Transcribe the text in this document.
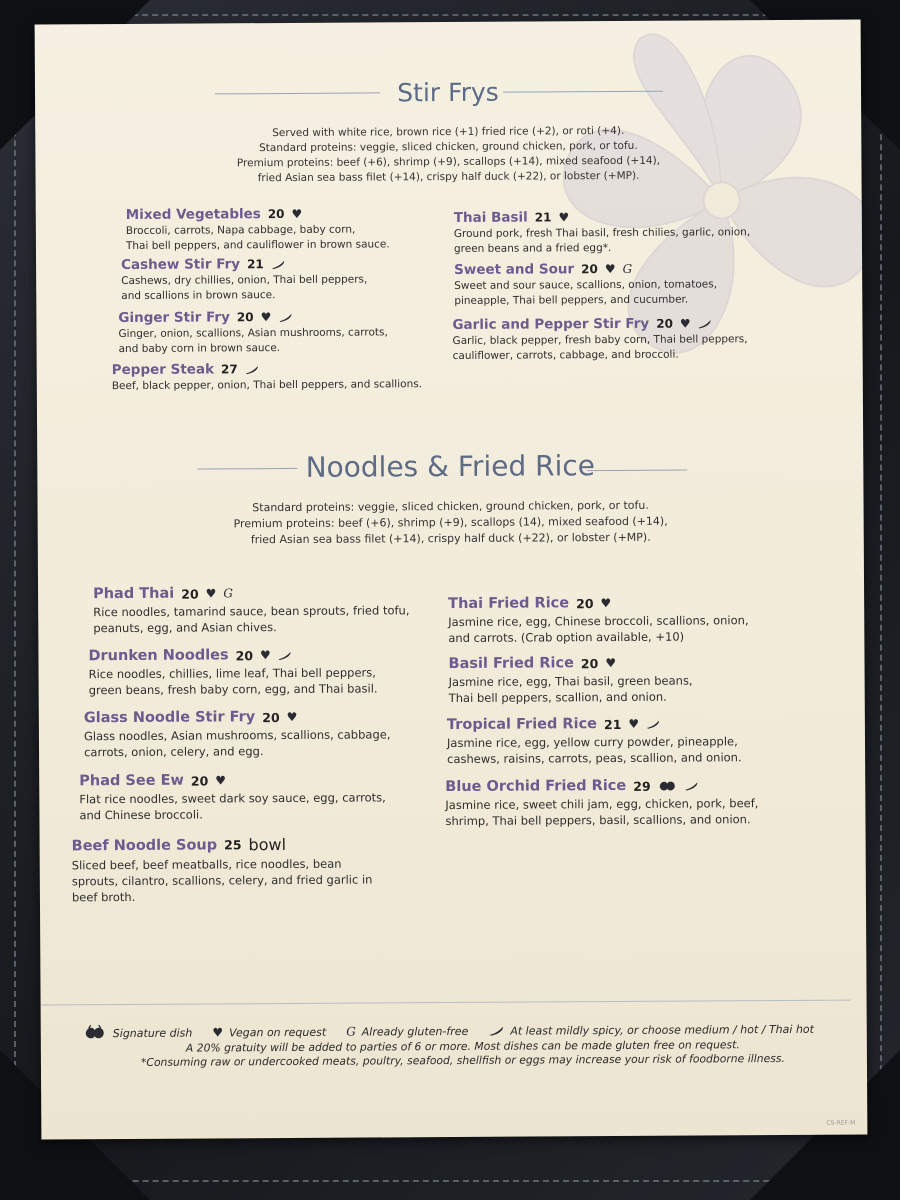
Stir Frys
Served with white rice, brown rice (+1) fried rice (+2), or roti (+4).
Standard proteins: veggie, sliced chicken, ground chicken, pork, or tofu.
Premium proteins: beef (+6), shrimp (+9), scallops (+14), mixed seafood (+14),
fried Asian sea bass filet (+14), crispy half duck (+22), or lobster (+MP).
Mixed Vegetables 20 ♥
Broccoli, carrots, Napa cabbage, baby corn,
Thai bell peppers, and cauliflower in brown sauce.
Cashew Stir Fry 21
Cashews, dry chillies, onion, Thai bell peppers,
and scallions in brown sauce.
Ginger Stir Fry 20 ♥
Ginger, onion, scallions, Asian mushrooms, carrots,
and baby corn in brown sauce.
Pepper Steak 27
Beef, black pepper, onion, Thai bell peppers, and scallions.
Thai Basil 21 ♥
Ground pork, fresh Thai basil, fresh chilies, garlic, onion,
green beans and a fried egg*.
Sweet and Sour 20 ♥ G
Sweet and sour sauce, scallions, onion, tomatoes,
pineapple, Thai bell peppers, and cucumber.
Garlic and Pepper Stir Fry 20 ♥
Garlic, black pepper, fresh baby corn, Thai bell peppers,
cauliflower, carrots, cabbage, and broccoli.
Noodles & Fried Rice
Standard proteins: veggie, sliced chicken, ground chicken, pork, or tofu.
Premium proteins: beef (+6), shrimp (+9), scallops (14), mixed seafood (+14),
fried Asian sea bass filet (+14), crispy half duck (+22), or lobster (+MP).
Phad Thai 20 ♥ G
Rice noodles, tamarind sauce, bean sprouts, fried tofu,
peanuts, egg, and Asian chives.
Drunken Noodles 20 ♥
Rice noodles, chillies, lime leaf, Thai bell peppers,
green beans, fresh baby corn, egg, and Thai basil.
Glass Noodle Stir Fry 20 ♥
Glass noodles, Asian mushrooms, scallions, cabbage,
carrots, onion, celery, and egg.
Phad See Ew 20 ♥
Flat rice noodles, sweet dark soy sauce, egg, carrots,
and Chinese broccoli.
Beef Noodle Soup 25 bowl
Sliced beef, beef meatballs, rice noodles, bean
sprouts, cilantro, scallions, celery, and fried garlic in
beef broth.
Thai Fried Rice 20 ♥
Jasmine rice, egg, Chinese broccoli, scallions, onion,
and carrots. (Crab option available, +10)
Basil Fried Rice 20 ♥
Jasmine rice, egg, Thai basil, green beans,
Thai bell peppers, scallion, and onion.
Tropical Fried Rice 21 ♥
Jasmine rice, egg, yellow curry powder, pineapple,
cashews, raisins, carrots, peas, scallion, and onion.
Blue Orchid Fried Rice 29
Jasmine rice, sweet chili jam, egg, chicken, pork, beef,
shrimp, Thai bell peppers, basil, scallions, and onion.
Signature dish ♥ Vegan on request G Already gluten-free	At least mildly spicy, or choose medium / hot / Thai hot
A 20% gratuity will be added to parties of 6 or more. Most dishes can be made gluten free on request.
*Consuming raw or undercooked meats, poultry, seafood, shellfish or eggs may increase your risk of foodborne illness.
CS-REF-M
